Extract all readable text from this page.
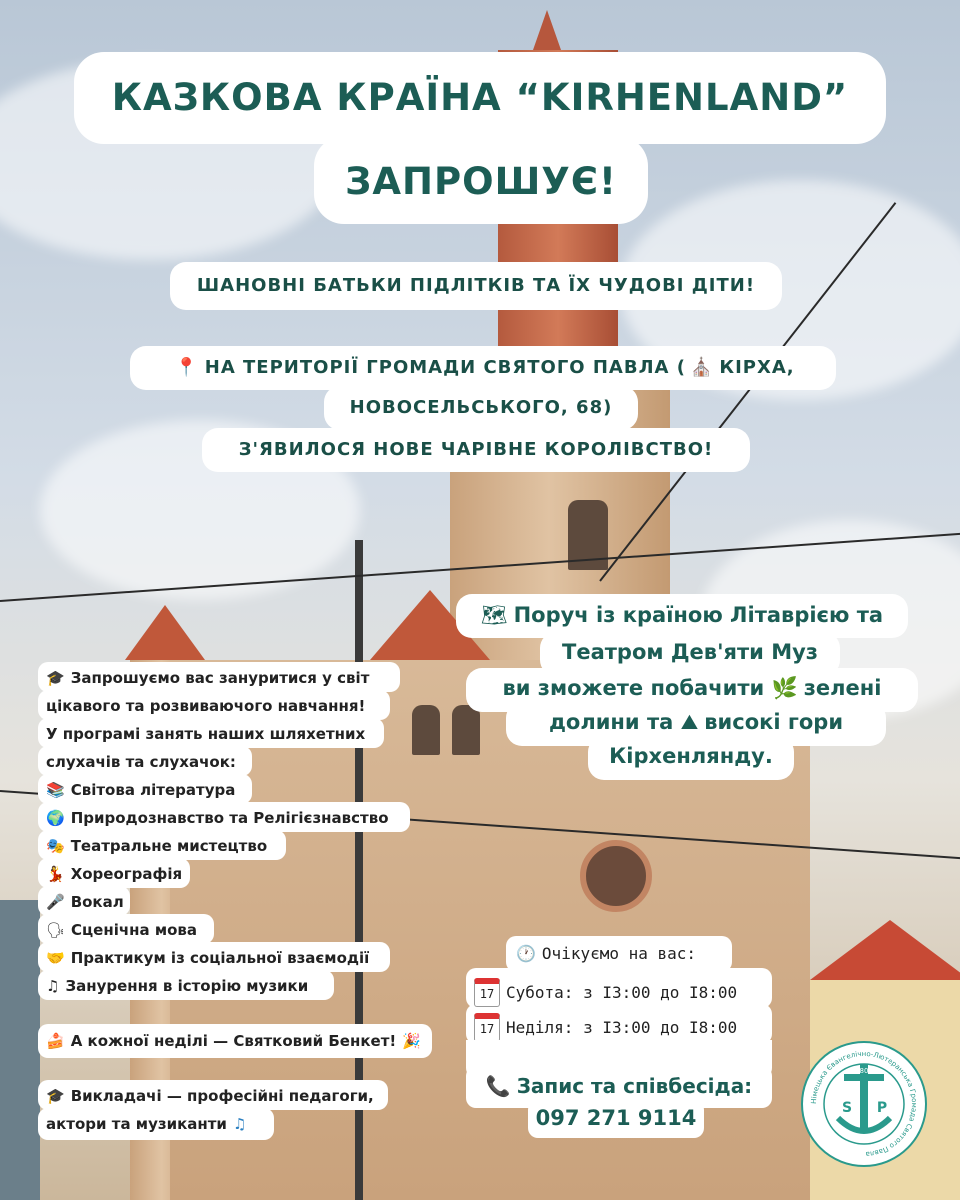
КАЗКОВА КРАЇНА “KIRHENLAND”
ЗАПРОШУЄ!
ШАНОВНІ БАТЬКИ ПІДЛІТКІВ ТА ЇХ ЧУДОВІ ДІТИ!
📍 НА ТЕРИТОРІЇ ГРОМАДИ СВЯТОГО ПАВЛА ( ⛪ КІРХА,
НОВОСЕЛЬСЬКОГО, 68)
З'ЯВИЛОСЯ НОВЕ ЧАРІВНЕ КОРОЛІВСТВО!
🗺 Поруч із країною Літаврією та
Театром Дев'яти Муз
ви зможете побачити 🌿 зелені
долини та ⛰ високі гори
Кірхенлянду.
🎓 Запрошуємо вас зануритися у світ
цікавого та розвиваючого навчання!
У програмі занять наших шляхетних
слухачів та слухачок:
📚 Світова література
🌍 Природознавство та Релігієзнавство
🎭 Театральне мистецтво
💃 Хореографія
🎤 Вокал
🗣 Сценічна мова
🤝 Практикум із соціальної взаємодії
♫ Занурення в історію музики
🍰 А кожної неділі — Святковий Бенкет! 🎉
🎓 Викладачі — професійні педагоги,
актори та музиканти ♫
🕐 Очікуємо на вас:
17 Субота: з I3:00 до I8:00
17 Неділя: з I3:00 до I8:00
📞 Запис та співбесіда:
097 271 9114
Німецька Євангелічно-Лютеранська Громада Святого Павла
1803
S P
